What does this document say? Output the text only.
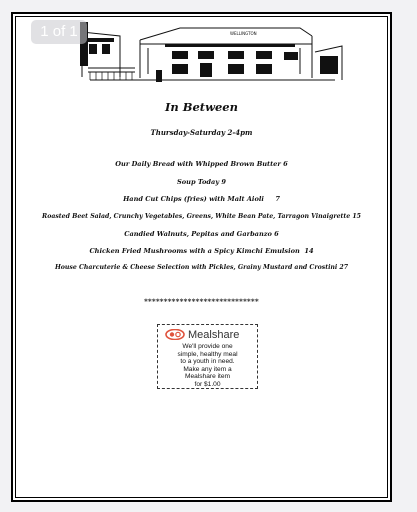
1 of 1	WELLINGTON
In Between
Thursday-Saturday 2-4pm
Our Daily Bread with Whipped Brown Butter 6
Soup Today 9
Hand Cut Chips (fries) with Malt Aioli     7
Roasted Beet Salad, Crunchy Vegetables, Greens, White Bean Pate, Tarragon Vinaigrette 15
Candied Walnuts, Pepitas and Garbanzo 6
Chicken Fried Mushrooms with a Spicy Kimchi Emulsion  14
House Charcuterie & Cheese Selection with Pickles, Grainy Mustard and Crostini 27
*****************************
Mealshare
We'll provide one
simple, healthy meal
to a youth in need.
Make any item a
Mealshare item
for $1.00
